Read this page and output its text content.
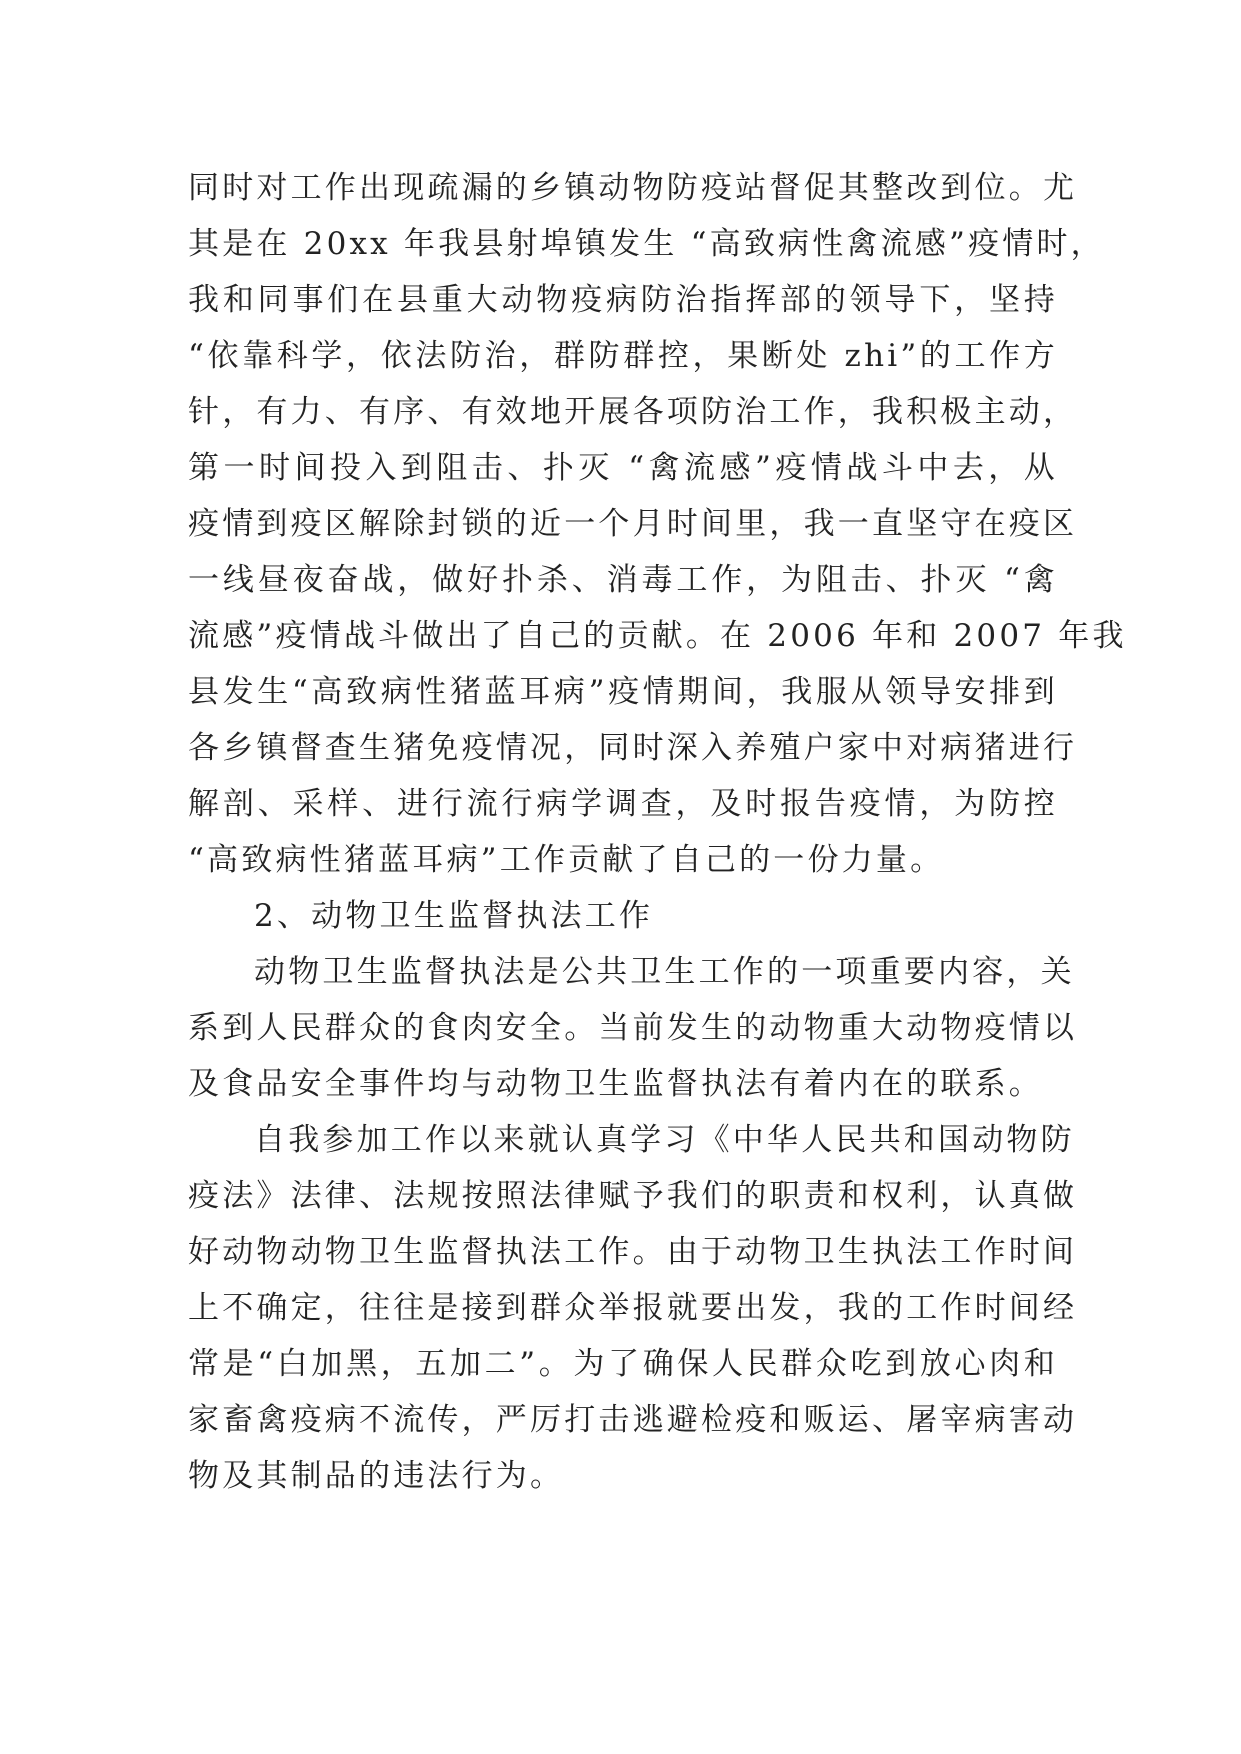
同时对工作出现疏漏的乡镇动物防疫站督促其整改到位。尤
其是在 20xx 年我县射埠镇发生 “高致病性禽流感”疫情时，
我和同事们在县重大动物疫病防治指挥部的领导下，坚持
“依靠科学，依法防治，群防群控，果断处 zhi”的工作方
针，有力、有序、有效地开展各项防治工作，我积极主动，
第一时间投入到阻击、扑灭 “禽流感”疫情战斗中去，从
疫情到疫区解除封锁的近一个月时间里，我一直坚守在疫区
一线昼夜奋战，做好扑杀、消毒工作，为阻击、扑灭 “禽
流感”疫情战斗做出了自己的贡献。在 2006 年和 2007 年我
县发生“高致病性猪蓝耳病”疫情期间，我服从领导安排到
各乡镇督查生猪免疫情况，同时深入养殖户家中对病猪进行
解剖、采样、进行流行病学调查，及时报告疫情，为防控
“高致病性猪蓝耳病”工作贡献了自己的一份力量。
2、动物卫生监督执法工作
动物卫生监督执法是公共卫生工作的一项重要内容，关
系到人民群众的食肉安全。当前发生的动物重大动物疫情以
及食品安全事件均与动物卫生监督执法有着内在的联系。
自我参加工作以来就认真学习《中华人民共和国动物防
疫法》法律、法规按照法律赋予我们的职责和权利，认真做
好动物动物卫生监督执法工作。由于动物卫生执法工作时间
上不确定，往往是接到群众举报就要出发，我的工作时间经
常是“白加黑，五加二”。为了确保人民群众吃到放心肉和
家畜禽疫病不流传，严厉打击逃避检疫和贩运、屠宰病害动
物及其制品的违法行为。
